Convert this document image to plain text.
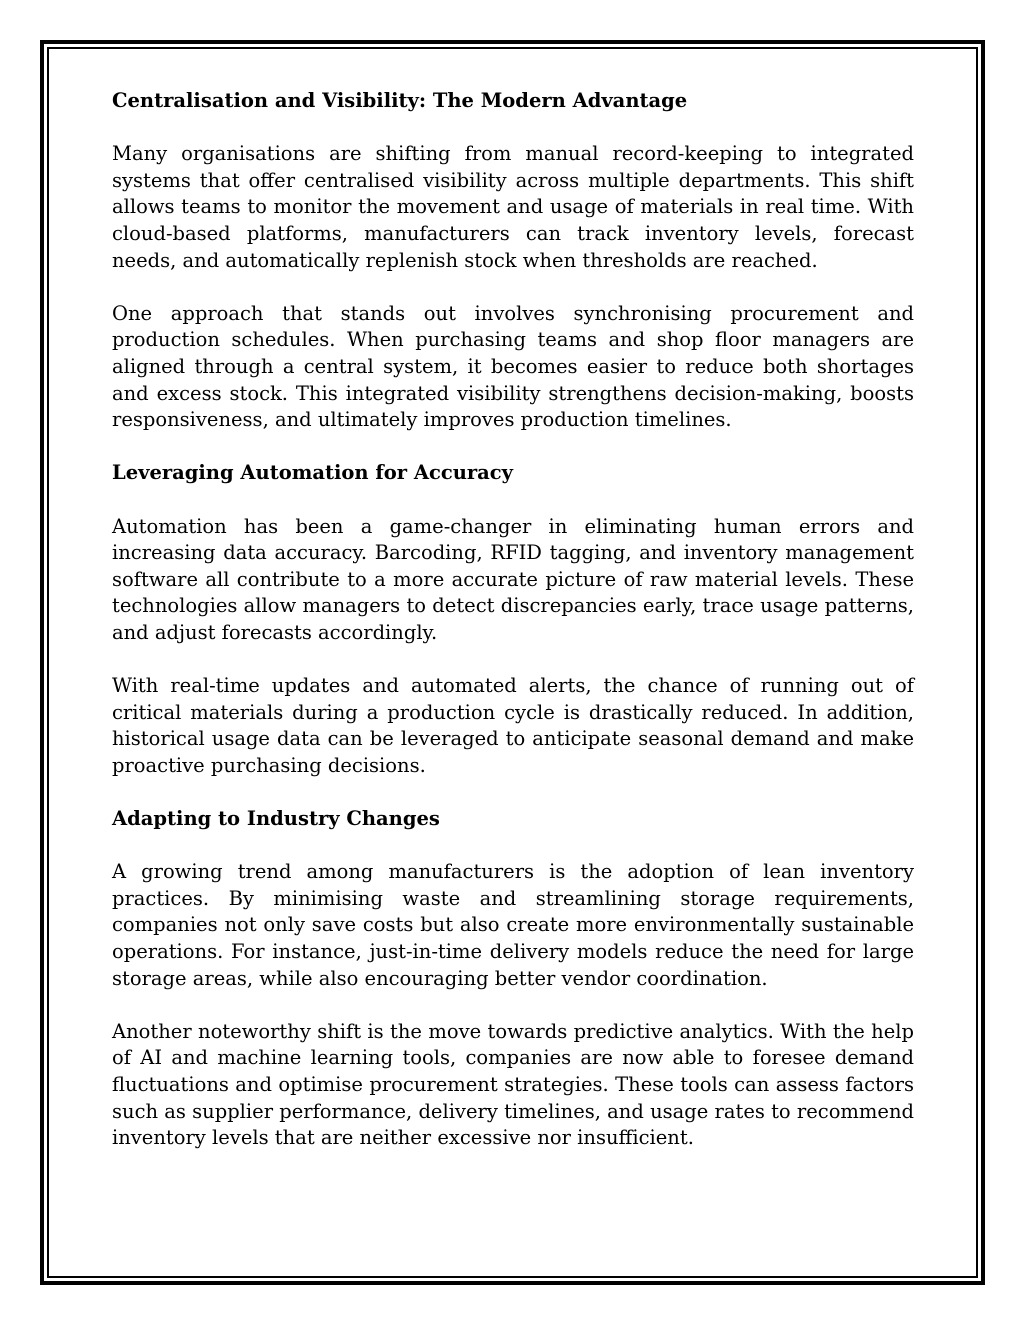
Centralisation and Visibility: The Modern Advantage

Many organisations are shifting from manual record-keeping to integrated systems that offer centralised visibility across multiple departments. This shift allows teams to monitor the movement and usage of materials in real time. With cloud-based platforms, manufacturers can track inventory levels, forecast needs, and automatically replenish stock when thresholds are reached.

One approach that stands out involves synchronising procurement and production schedules. When purchasing teams and shop floor managers are aligned through a central system, it becomes easier to reduce both shortages and excess stock. This integrated visibility strengthens decision-making, boosts responsiveness, and ultimately improves production timelines.

Leveraging Automation for Accuracy

Automation has been a game-changer in eliminating human errors and increasing data accuracy. Barcoding, RFID tagging, and inventory management software all contribute to a more accurate picture of raw material levels. These technologies allow managers to detect discrepancies early, trace usage patterns, and adjust forecasts accordingly.

With real-time updates and automated alerts, the chance of running out of critical materials during a production cycle is drastically reduced. In addition, historical usage data can be leveraged to anticipate seasonal demand and make proactive purchasing decisions.

Adapting to Industry Changes

A growing trend among manufacturers is the adoption of lean inventory practices. By minimising waste and streamlining storage requirements, companies not only save costs but also create more environmentally sustainable operations. For instance, just-in-time delivery models reduce the need for large storage areas, while also encouraging better vendor coordination.

Another noteworthy shift is the move towards predictive analytics. With the help of AI and machine learning tools, companies are now able to foresee demand fluctuations and optimise procurement strategies. These tools can assess factors such as supplier performance, delivery timelines, and usage rates to recommend inventory levels that are neither excessive nor insufficient.
